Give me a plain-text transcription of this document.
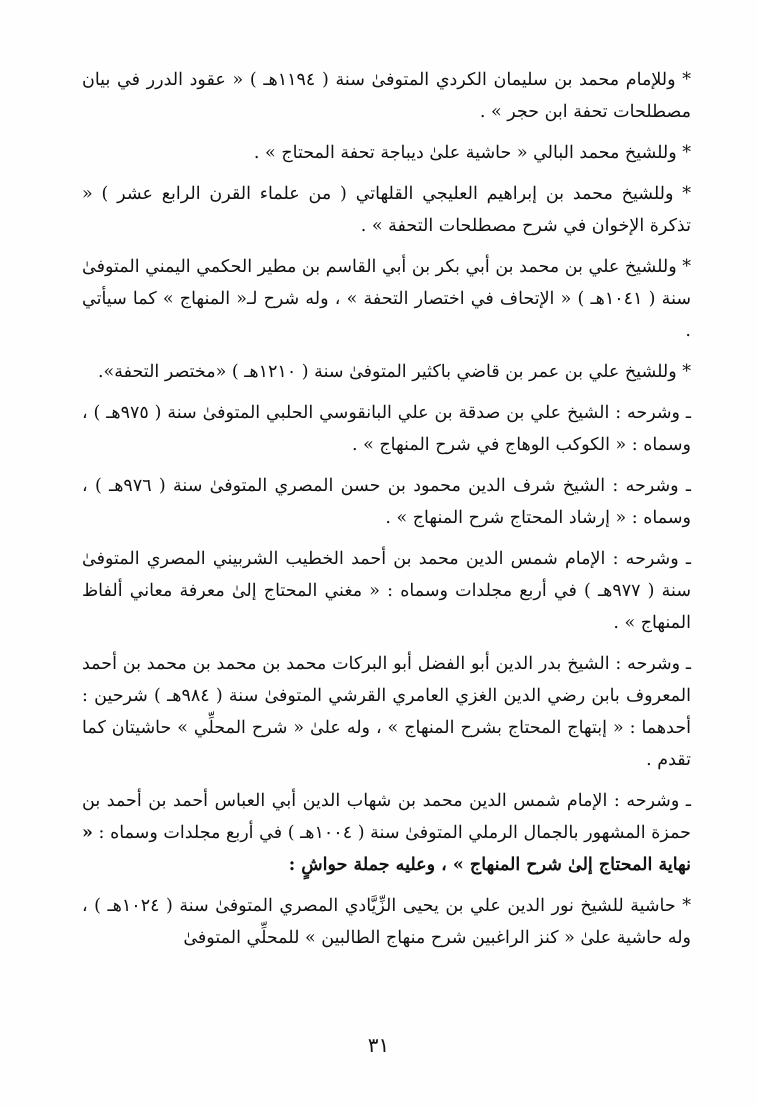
* وللإمام محمد بن سليمان الكردي المتوفىٰ سنة ( ١١٩٤هـ ) « عقود الدرر في بيان مصطلحات تحفة ابن حجر » .

* وللشيخ محمد البالي « حاشية علىٰ ديباجة تحفة المحتاج » .

* وللشيخ محمد بن إبراهيم العليجي القلهاتي ( من علماء القرن الرابع عشر ) « تذكرة الإخوان في شرح مصطلحات التحفة » .

* وللشيخ علي بن محمد بن أبي بكر بن أبي القاسم بن مطير الحكمي اليمني المتوفىٰ سنة ( ١٠٤١هـ ) « الإتحاف في اختصار التحفة » ، وله شرح لـ« المنهاج » كما سيأتي .

* وللشيخ علي بن عمر بن قاضي باكثير المتوفىٰ سنة ( ١٢١٠هـ ) «مختصر التحفة».

ـ وشرحه : الشيخ علي بن صدقة بن علي البانقوسي الحلبي المتوفىٰ سنة ( ٩٧٥هـ ) ، وسماه : « الكوكب الوهاج في شرح المنهاج » .

ـ وشرحه : الشيخ شرف الدين محمود بن حسن المصري المتوفىٰ سنة ( ٩٧٦هـ ) ، وسماه : « إرشاد المحتاج شرح المنهاج » .

ـ وشرحه : الإمام شمس الدين محمد بن أحمد الخطيب الشربيني المصري المتوفىٰ سنة ( ٩٧٧هـ ) في أربع مجلدات وسماه : « مغني المحتاج إلىٰ معرفة معاني ألفاظ المنهاج » .

ـ وشرحه : الشيخ بدر الدين أبو الفضل أبو البركات محمد بن محمد بن محمد بن أحمد المعروف بابن رضي الدين الغزي العامري القرشي المتوفىٰ سنة ( ٩٨٤هـ ) شرحين : أحدهما : « إبتهاج المحتاج بشرح المنهاج » ، وله علىٰ « شرح المحلِّي » حاشيتان كما تقدم .

ـ وشرحه : الإمام شمس الدين محمد بن شهاب الدين أبي العباس أحمد بن أحمد بن حمزة المشهور بالجمال الرملي المتوفىٰ سنة ( ١٠٠٤هـ ) في أربع مجلدات وسماه : « نهاية المحتاج إلىٰ شرح المنهاج » ، وعليه جملة حواشٍ :

* حاشية للشيخ نور الدين علي بن يحيى الزِّيَّادي المصري المتوفىٰ سنة ( ١٠٢٤هـ ) ، وله حاشية علىٰ « كنز الراغبين شرح منهاج الطالبين » للمحلِّي المتوفىٰ

٣١
